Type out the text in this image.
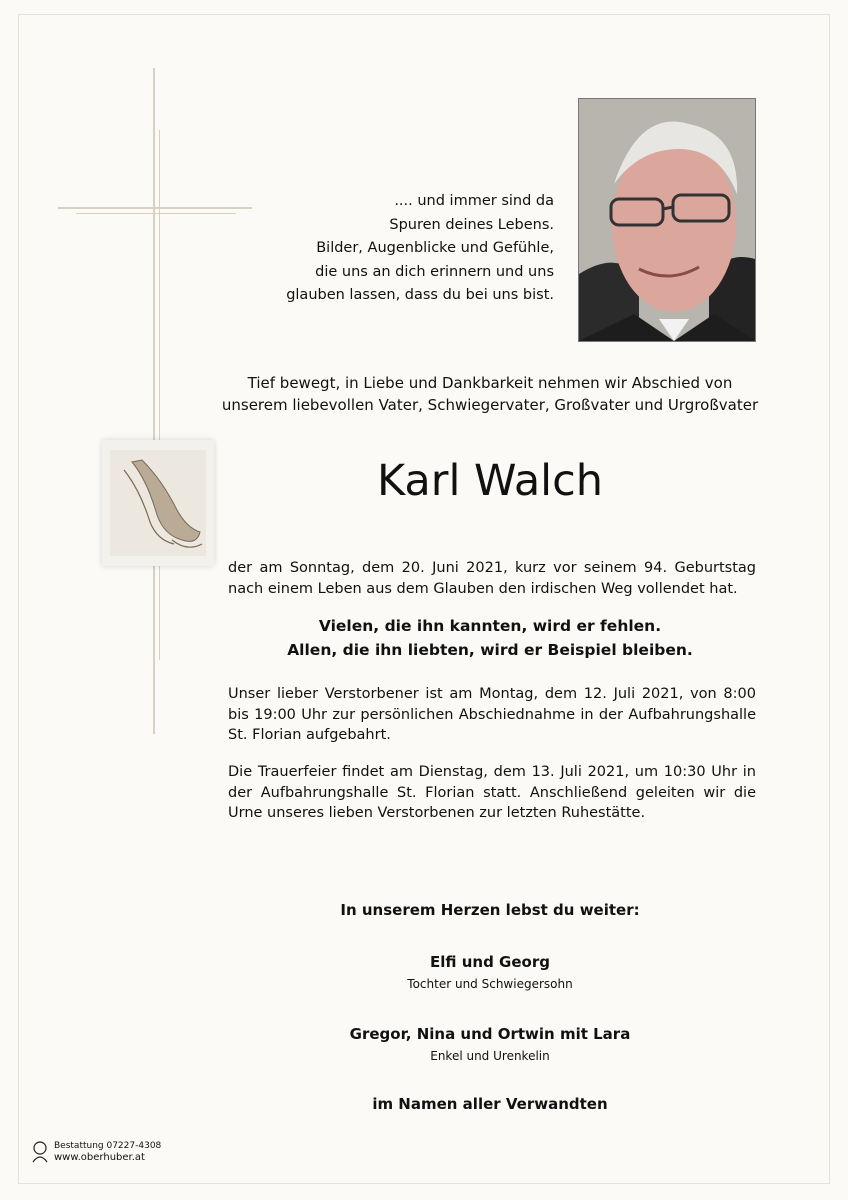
.... und immer sind da
Spuren deines Lebens.
Bilder, Augenblicke und Gefühle,
die uns an dich erinnern und uns
glauben lassen, dass du bei uns bist.
Tief bewegt, in Liebe und Dankbarkeit nehmen wir Abschied von
unserem liebevollen Vater, Schwiegervater, Großvater und Urgroßvater
Karl Walch
der am Sonntag, dem 20. Juni 2021, kurz vor seinem 94. Geburtstag nach einem Leben aus dem Glauben den irdischen Weg vollendet hat.
Vielen, die ihn kannten, wird er fehlen.
Allen, die ihn liebten, wird er Beispiel bleiben.
Unser lieber Verstorbener ist am Montag, dem 12. Juli 2021, von 8:00 bis 19:00 Uhr zur persönlichen Abschiednahme in der Aufbahrungshalle St. Florian aufgebahrt.
Die Trauerfeier findet am Dienstag, dem 13. Juli 2021, um 10:30 Uhr in der Aufbahrungshalle St. Florian statt. Anschließend geleiten wir die Urne unseres lieben Verstorbenen zur letzten Ruhestätte.
In unserem Herzen lebst du weiter:
Elfi und Georg
Tochter und Schwiegersohn
Gregor, Nina und Ortwin mit Lara
Enkel und Urenkelin
im Namen aller Verwandten
Bestattung 07227-4308
www.oberhuber.at
